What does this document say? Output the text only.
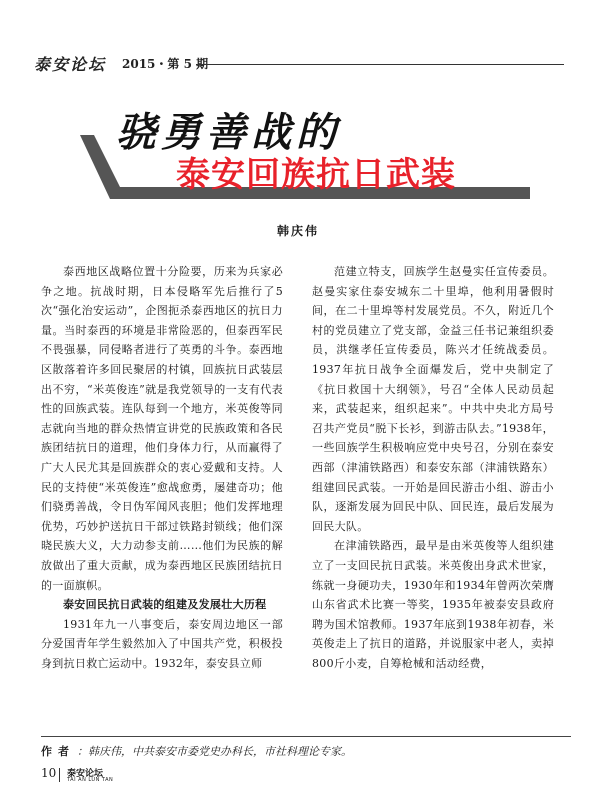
泰安论坛 2015・第 5 期
骁勇善战的
泰安回族抗日武装
韩庆伟

泰西地区战略位置十分险要，历来为兵家必争之地。抗战时期，日本侵略军先后推行了5次“强化治安运动”，企图扼杀泰西地区的抗日力量。当时泰西的环境是非常险恶的，但泰西军民不畏强暴，同侵略者进行了英勇的斗争。泰西地区散落着许多回民聚居的村镇，回族抗日武装层出不穷，“米英俊连”就是我党领导的一支有代表性的回族武装。连队每到一个地方，米英俊等同志就向当地的群众热情宣讲党的民族政策和各民族团结抗日的道理，他们身体力行，从而赢得了广大人民尤其是回族群众的衷心爱戴和支持。人民的支持使“米英俊连”愈战愈勇，屡建奇功；他们骁勇善战，令日伪军闻风丧胆；他们发挥地理优势，巧妙护送抗日干部过铁路封锁线；他们深晓民族大义，大力动参支前……他们为民族的解放做出了重大贡献，成为泰西地区民族团结抗日的一面旗帜。

泰安回民抗日武装的组建及发展壮大历程

1931年九一八事变后，泰安周边地区一部分爱国青年学生毅然加入了中国共产党，积极投身到抗日救亡运动中。1932年，泰安县立师

范建立特支，回族学生赵曼实任宣传委员。赵曼实家住泰安城东二十里埠，他利用暑假时间，在二十里埠等村发展党员。不久，附近几个村的党员建立了党支部，金益三任书记兼组织委员，洪继孝任宣传委员，陈兴才任统战委员。1937年抗日战争全面爆发后，党中央制定了《抗日救国十大纲领》，号召“全体人民动员起来，武装起来，组织起来”。中共中央北方局号召共产党员“脱下长衫，到游击队去。”1938年，一些回族学生积极响应党中央号召，分别在泰安西部（津浦铁路西）和泰安东部（津浦铁路东）组建回民武装。一开始是回民游击小组、游击小队，逐渐发展为回民中队、回民连，最后发展为回民大队。

在津浦铁路西，最早是由米英俊等人组织建立了一支回民抗日武装。米英俊出身武术世家，练就一身硬功夫，1930年和1934年曾两次荣膺山东省武术比赛一等奖，1935年被泰安县政府聘为国术馆教师。1937年底到1938年初春，米英俊走上了抗日的道路，并说服家中老人，卖掉800斤小麦，自筹枪械和活动经费，

作者 ：韩庆伟，中共泰安市委党史办科长，市社科理论专家。
10 泰安论坛
TAI AN LUN TAN
